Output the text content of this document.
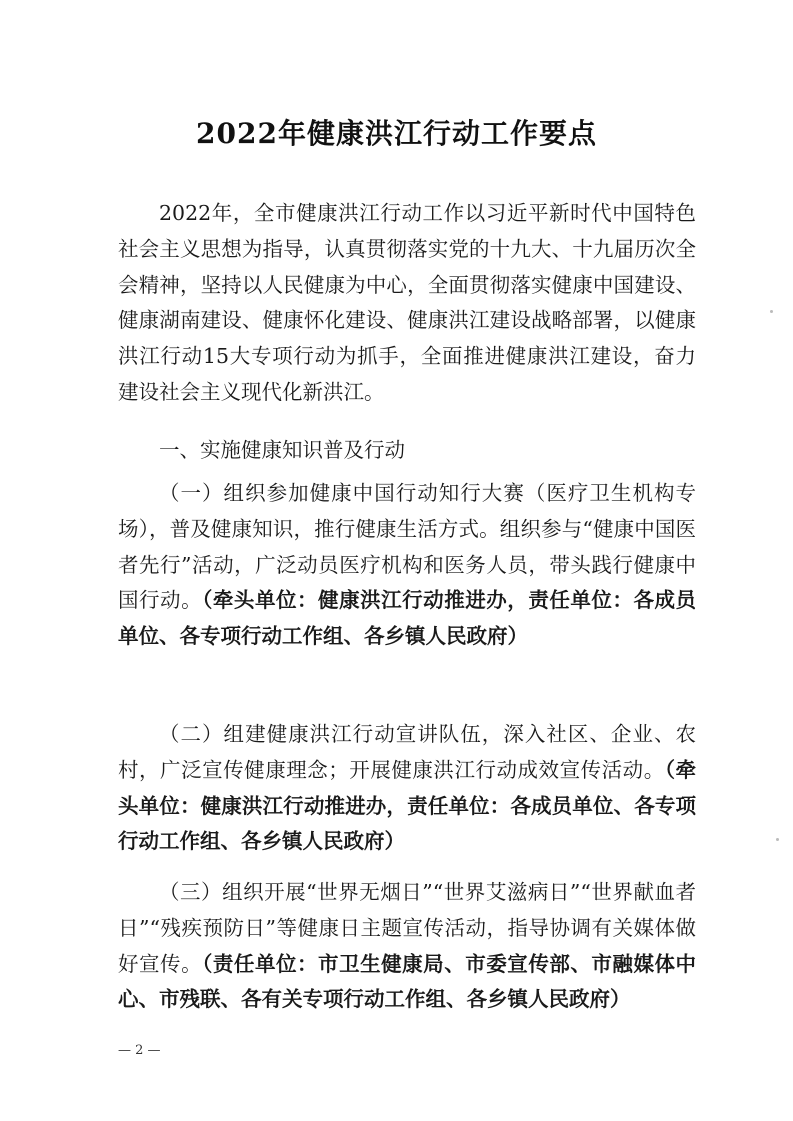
2022年健康洪江行动工作要点
2022年，全市健康洪江行动工作以习近平新时代中国特色社会主义思想为指导，认真贯彻落实党的十九大、十九届历次全会精神，坚持以人民健康为中心，全面贯彻落实健康中国建设、健康湖南建设、健康怀化建设、健康洪江建设战略部署，以健康洪江行动15大专项行动为抓手，全面推进健康洪江建设，奋力建设社会主义现代化新洪江。
一、实施健康知识普及行动
（一）组织参加健康中国行动知行大赛（医疗卫生机构专场），普及健康知识，推行健康生活方式。组织参与“健康中国医者先行”活动，广泛动员医疗机构和医务人员，带头践行健康中国行动。（牵头单位：健康洪江行动推进办，责任单位：各成员单位、各专项行动工作组、各乡镇人民政府）
（二）组建健康洪江行动宣讲队伍，深入社区、企业、农村，广泛宣传健康理念；开展健康洪江行动成效宣传活动。（牵头单位：健康洪江行动推进办，责任单位：各成员单位、各专项行动工作组、各乡镇人民政府）
（三）组织开展“世界无烟日”“世界艾滋病日”“世界献血者日”“残疾预防日”等健康日主题宣传活动，指导协调有关媒体做好宣传。（责任单位：市卫生健康局、市委宣传部、市融媒体中心、市残联、各有关专项行动工作组、各乡镇人民政府）
— 2 —
